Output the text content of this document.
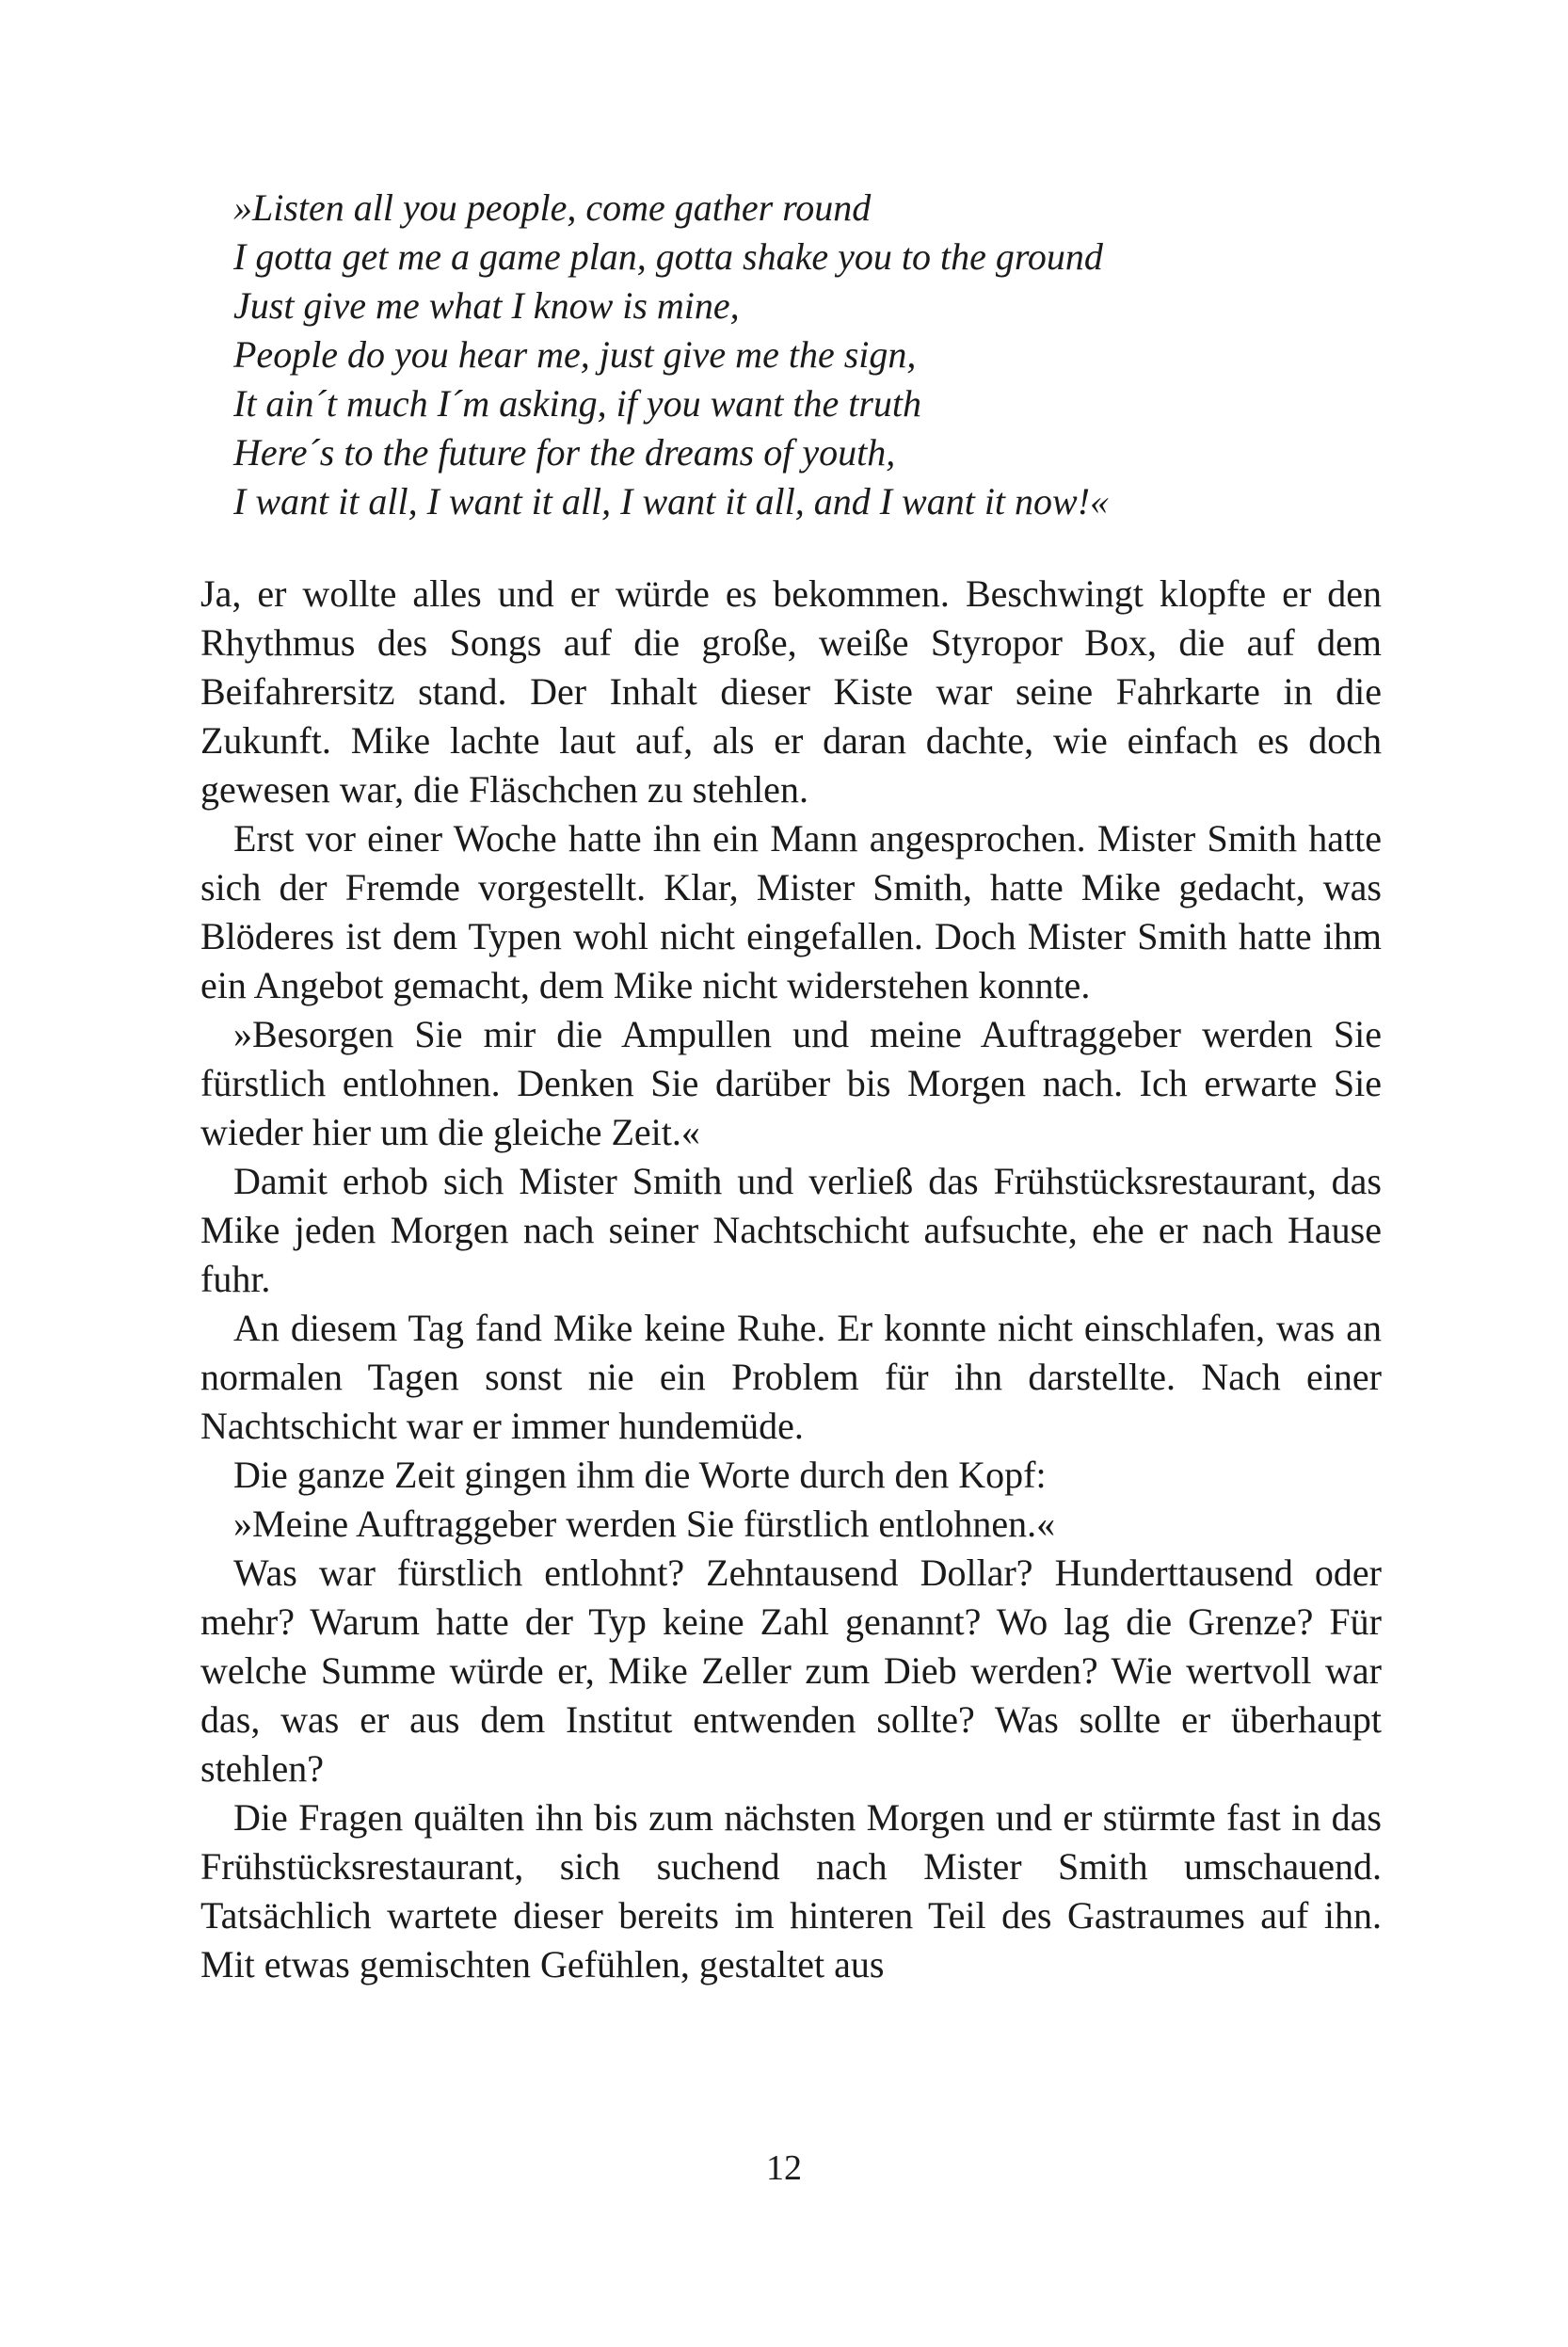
»Listen all you people, come gather round
I gotta get me a game plan, gotta shake you to the ground
Just give me what I know is mine,
People do you hear me, just give me the sign,
It ain´t much I´m asking, if you want the truth
Here´s to the future for the dreams of youth,
I want it all, I want it all, I want it all, and I want it now!«

Ja, er wollte alles und er würde es bekommen. Beschwingt klopfte er den Rhythmus des Songs auf die große, weiße Styropor Box, die auf dem Beifahrersitz stand. Der Inhalt dieser Kiste war seine Fahrkarte in die Zukunft. Mike lachte laut auf, als er daran dachte, wie einfach es doch gewesen war, die Fläschchen zu stehlen.

Erst vor einer Woche hatte ihn ein Mann angesprochen. Mister Smith hatte sich der Fremde vorgestellt. Klar, Mister Smith, hatte Mike gedacht, was Blöderes ist dem Typen wohl nicht eingefallen. Doch Mister Smith hatte ihm ein Angebot gemacht, dem Mike nicht widerstehen konnte.

»Besorgen Sie mir die Ampullen und meine Auftraggeber werden Sie fürstlich entlohnen. Denken Sie darüber bis Morgen nach. Ich erwarte Sie wieder hier um die gleiche Zeit.«

Damit erhob sich Mister Smith und verließ das Frühstücksrestaurant, das Mike jeden Morgen nach seiner Nachtschicht aufsuchte, ehe er nach Hause fuhr.

An diesem Tag fand Mike keine Ruhe. Er konnte nicht einschlafen, was an normalen Tagen sonst nie ein Problem für ihn darstellte. Nach einer Nachtschicht war er immer hundemüde.

Die ganze Zeit gingen ihm die Worte durch den Kopf:

»Meine Auftraggeber werden Sie fürstlich entlohnen.«

Was war fürstlich entlohnt? Zehntausend Dollar? Hunderttausend oder mehr? Warum hatte der Typ keine Zahl genannt? Wo lag die Grenze? Für welche Summe würde er, Mike Zeller zum Dieb werden? Wie wertvoll war das, was er aus dem Institut entwenden sollte? Was sollte er überhaupt stehlen?

Die Fragen quälten ihn bis zum nächsten Morgen und er stürmte fast in das Frühstücksrestaurant, sich suchend nach Mister Smith umschauend. Tatsächlich wartete dieser bereits im hinteren Teil des Gastraumes auf ihn. Mit etwas gemischten Gefühlen, gestaltet aus

12
